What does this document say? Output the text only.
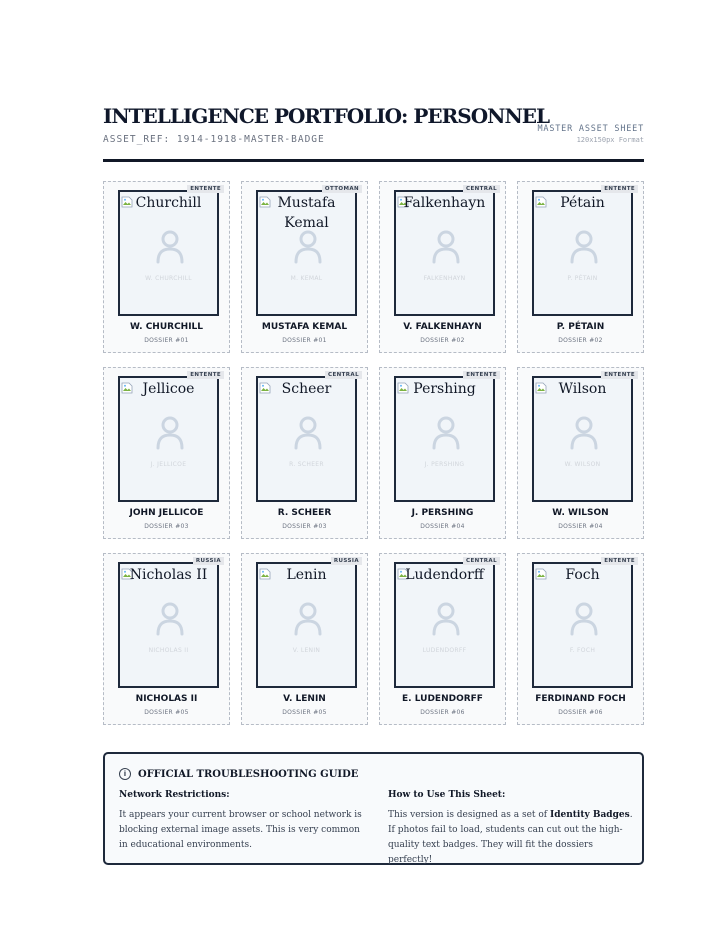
INTELLIGENCE PORTFOLIO: PERSONNEL
ASSET_REF: 1914-1918-MASTER-BADGE
MASTER ASSET SHEET
120x150px Format
Churchill
W. CHURCHILL
ENTENTE
W. CHURCHILL
DOSSIER #01
Mustafa Kemal
M. KEMAL
OTTOMAN
MUSTAFA KEMAL
DOSSIER #01
Falkenhayn
FALKENHAYN
CENTRAL
V. FALKENHAYN
DOSSIER #02
Pétain
P. PÉTAIN
ENTENTE
P. PÉTAIN
DOSSIER #02
Jellicoe
J. JELLICOE
ENTENTE
JOHN JELLICOE
DOSSIER #03
Scheer
R. SCHEER
CENTRAL
R. SCHEER
DOSSIER #03
Pershing
J. PERSHING
ENTENTE
J. PERSHING
DOSSIER #04
Wilson
W. WILSON
ENTENTE
W. WILSON
DOSSIER #04
Nicholas II
NICHOLAS II
RUSSIA
NICHOLAS II
DOSSIER #05
Lenin
V. LENIN
RUSSIA
V. LENIN
DOSSIER #05
Ludendorff
LUDENDORFF
CENTRAL
E. LUDENDORFF
DOSSIER #06
Foch
F. FOCH
ENTENTE
FERDINAND FOCH
DOSSIER #06
i	OFFICIAL TROUBLESHOOTING GUIDE
Network Restrictions:
It appears your current browser or school network is blocking external image assets. This is very common in educational environments.
How to Use This Sheet:
This version is designed as a set of Identity Badges. If photos fail to load, students can cut out the high-quality text badges. They will fit the dossiers perfectly!
